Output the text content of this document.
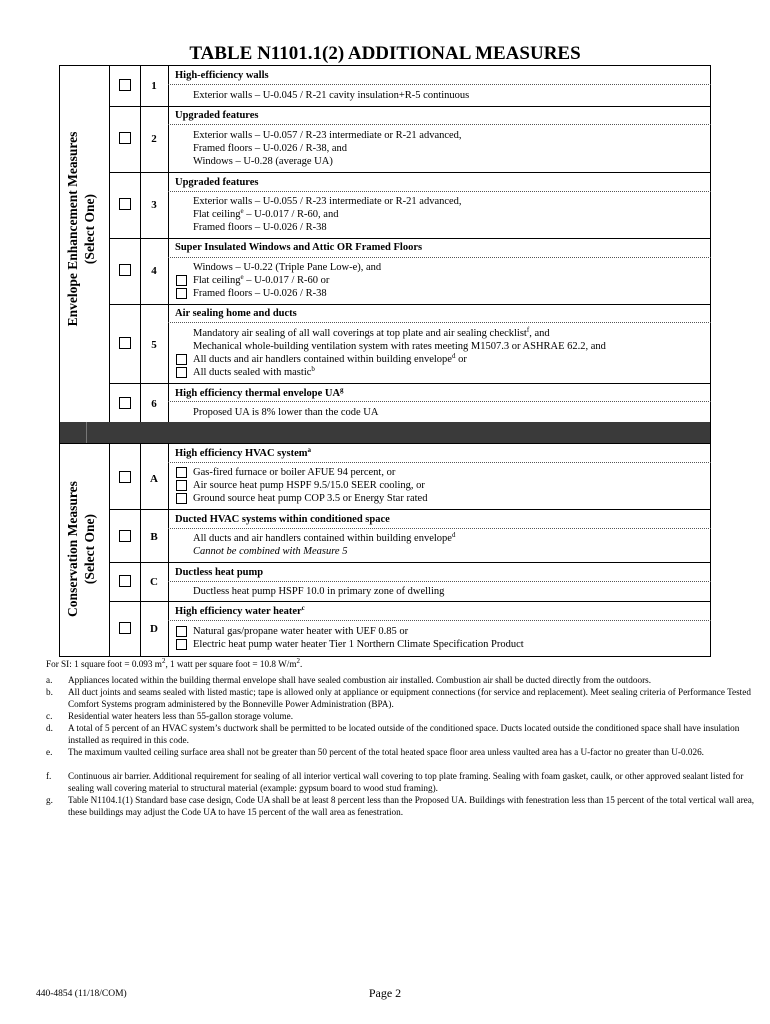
TABLE N1101.1(2) ADDITIONAL MEASURES
Envelope Enhancement Measures (Select One)
Conservation Measures (Select One)
1
High-efficiency walls
Exterior walls – U-0.045 / R-21 cavity insulation+R-5 continuous
2
Upgraded features
Exterior walls – U-0.057 / R-23 intermediate or R-21 advanced,
Framed floors – U-0.026 / R-38, and
Windows – U-0.28 (average UA)
3
Upgraded features
Exterior walls – U-0.055 / R-23 intermediate or R-21 advanced,
Flat ceiling$^e$ – U-0.017 / R-60, and
Framed floors – U-0.026 / R-38
4
Super Insulated Windows and Attic OR Framed Floors
Windows – U-0.22 (Triple Pane Low-e), and
Flat ceiling$^e$ – U-0.017 / R-60 or
Framed floors – U-0.026 / R-38
5
Air sealing home and ducts
Mandatory air sealing of all wall coverings at top plate and air sealing checklist$^f$, and
Mechanical whole-building ventilation system with rates meeting M1507.3 or ASHRAE 62.2, and
All ducts and air handlers contained within building envelope$^d$ or
All ducts sealed with mastic$^b$
6
High efficiency thermal envelope $UA^g$
Proposed UA is 8% lower than the code UA
A
High efficiency HVAC system$^a$
Gas-fired furnace or boiler AFUE 94 percent, or
Air source heat pump HSPF 9.5/15.0 SEER cooling, or
Ground source heat pump COP 3.5 or Energy Star rated
B
Ducted HVAC systems within conditioned space
All ducts and air handlers contained within building envelope$^d$
Cannot be combined with Measure 5
C
Ductless heat pump
Ductless heat pump HSPF 10.0 in primary zone of dwelling
D
High efficiency water heater$^c$
Natural gas/propane water heater with UEF 0.85 or
Electric heat pump water heater Tier 1 Northern Climate Specification Product
For SI: 1 square foot = 0.093 $m^2$, 1 watt per square foot = 10.8 $W/m^2$.
a.	Appliances located within the building thermal envelope shall have sealed combustion air installed. Combustion air shall be ducted directly from the outdoors.
b.	All duct joints and seams sealed with listed mastic; tape is allowed only at appliance or equipment connections (for service and replacement). Meet sealing criteria of Performance Tested Comfort Systems program administered by the Bonneville Power Administration (BPA).
c.	Residential water heaters less than 55-gallon storage volume.
d.	A total of 5 percent of an HVAC system’s ductwork shall be permitted to be located outside of the conditioned space. Ducts located outside the conditioned space shall have insulation installed as required in this code.
e.	The maximum vaulted ceiling surface area shall not be greater than 50 percent of the total heated space floor area unless vaulted area has a U-factor no greater than U-0.026.
f.	Continuous air barrier. Additional requirement for sealing of all interior vertical wall covering to top plate framing. Sealing with foam gasket, caulk, or other approved sealant listed for sealing wall covering material to structural material (example: gypsum board to wood stud framing).
g.	Table N1104.1(1) Standard base case design, Code UA shall be at least 8 percent less than the Proposed UA. Buildings with fenestration less than 15 percent of the total vertical wall area, these buildings may adjust the Code UA to have 15 percent of the wall area as fenestration.
440-4854 (11/18/COM)	Page 2
